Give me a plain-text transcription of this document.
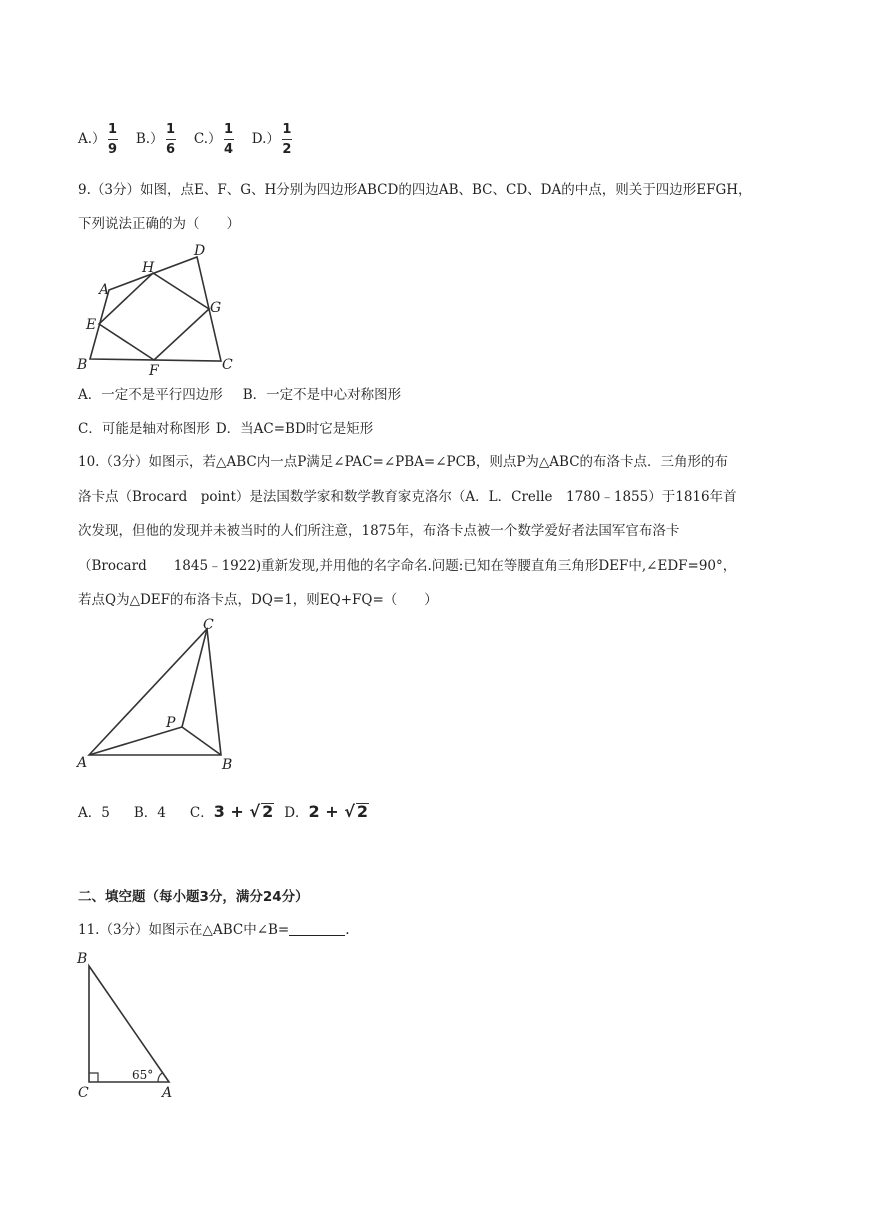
$A.) \frac{1}{9} B.) \frac{1}{6} C.) \frac{1}{4} D.) \frac{1}{2}$
9.（3分）如图，点E、F、G、H分别为四边形ABCD的四边AB、BC、CD、DA的中点，则关于四边形EFGH，
下列说法正确的为（　　）
A
B	C
D
E
F
G
H
A．一定不是平行四边形 B．一定不是中心对称图形
C．可能是轴对称图形 D．当AC=BD时它是矩形
10.（3分）如图示，若△ABC内一点P满足∠PAC=∠PBA=∠PCB，则点P为△ABC的布洛卡点．三角形的布
洛卡点（Brocard　point）是法国数学家和数学教育家克洛尔（A．L．Crelle　1780﹣1855）于1816年首
次发现，但他的发现并未被当时的人们所注意，1875年，布洛卡点被一个数学爱好者法国军官布洛卡
（Brocard　　1845﹣1922)重新发现,并用他的名字命名.问题:已知在等腰直角三角形DEF中,∠EDF=90°，
若点Q为△DEF的布洛卡点，DQ=1，则EQ+FQ=（　　）
A	B
C
P
A．5 B．4 C．3 + √ 2 D．2 + √ 2
二、填空题（每小题3分，满分24分）
11.（3分）如图示在△ABC中∠B=	.
B
C	A
65°
